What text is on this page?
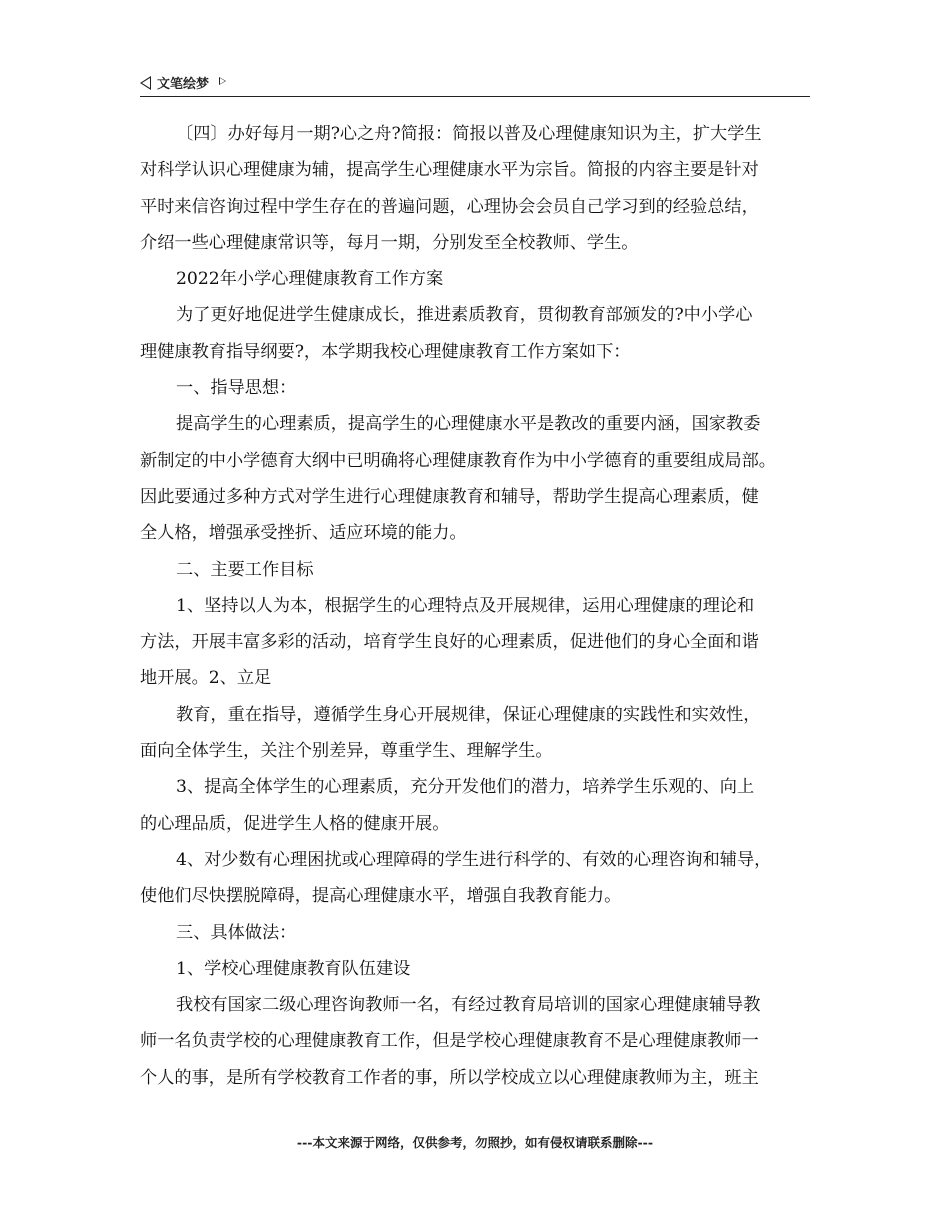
文笔绘梦
〔四〕办好每月一期?心之舟?简报：简报以普及心理健康知识为主，扩大学生
对科学认识心理健康为辅，提高学生心理健康水平为宗旨。简报的内容主要是针对
平时来信咨询过程中学生存在的普遍问题，心理协会会员自己学习到的经验总结，
介绍一些心理健康常识等，每月一期，分别发至全校教师、学生。
2022年小学心理健康教育工作方案
为了更好地促进学生健康成长，推进素质教育，贯彻教育部颁发的?中小学心
理健康教育指导纲要?，本学期我校心理健康教育工作方案如下：
一、指导思想：
提高学生的心理素质，提高学生的心理健康水平是教改的重要内涵，国家教委
新制定的中小学德育大纲中已明确将心理健康教育作为中小学德育的重要组成局部。
因此要通过多种方式对学生进行心理健康教育和辅导，帮助学生提高心理素质，健
全人格，增强承受挫折、适应环境的能力。
二、主要工作目标
1、坚持以人为本，根据学生的心理特点及开展规律，运用心理健康的理论和
方法，开展丰富多彩的活动，培育学生良好的心理素质，促进他们的身心全面和谐
地开展。2、立足
教育，重在指导，遵循学生身心开展规律，保证心理健康的实践性和实效性，
面向全体学生，关注个别差异，尊重学生、理解学生。
3、提高全体学生的心理素质，充分开发他们的潜力，培养学生乐观的、向上
的心理品质，促进学生人格的健康开展。
4、对少数有心理困扰或心理障碍的学生进行科学的、有效的心理咨询和辅导，
使他们尽快摆脱障碍，提高心理健康水平，增强自我教育能力。
三、具体做法：
1、学校心理健康教育队伍建设
我校有国家二级心理咨询教师一名，有经过教育局培训的国家心理健康辅导教
师一名负责学校的心理健康教育工作，但是学校心理健康教育不是心理健康教师一
个人的事，是所有学校教育工作者的事，所以学校成立以心理健康教师为主，班主
---本文来源于网络，仅供参考，勿照抄，如有侵权请联系删除---
